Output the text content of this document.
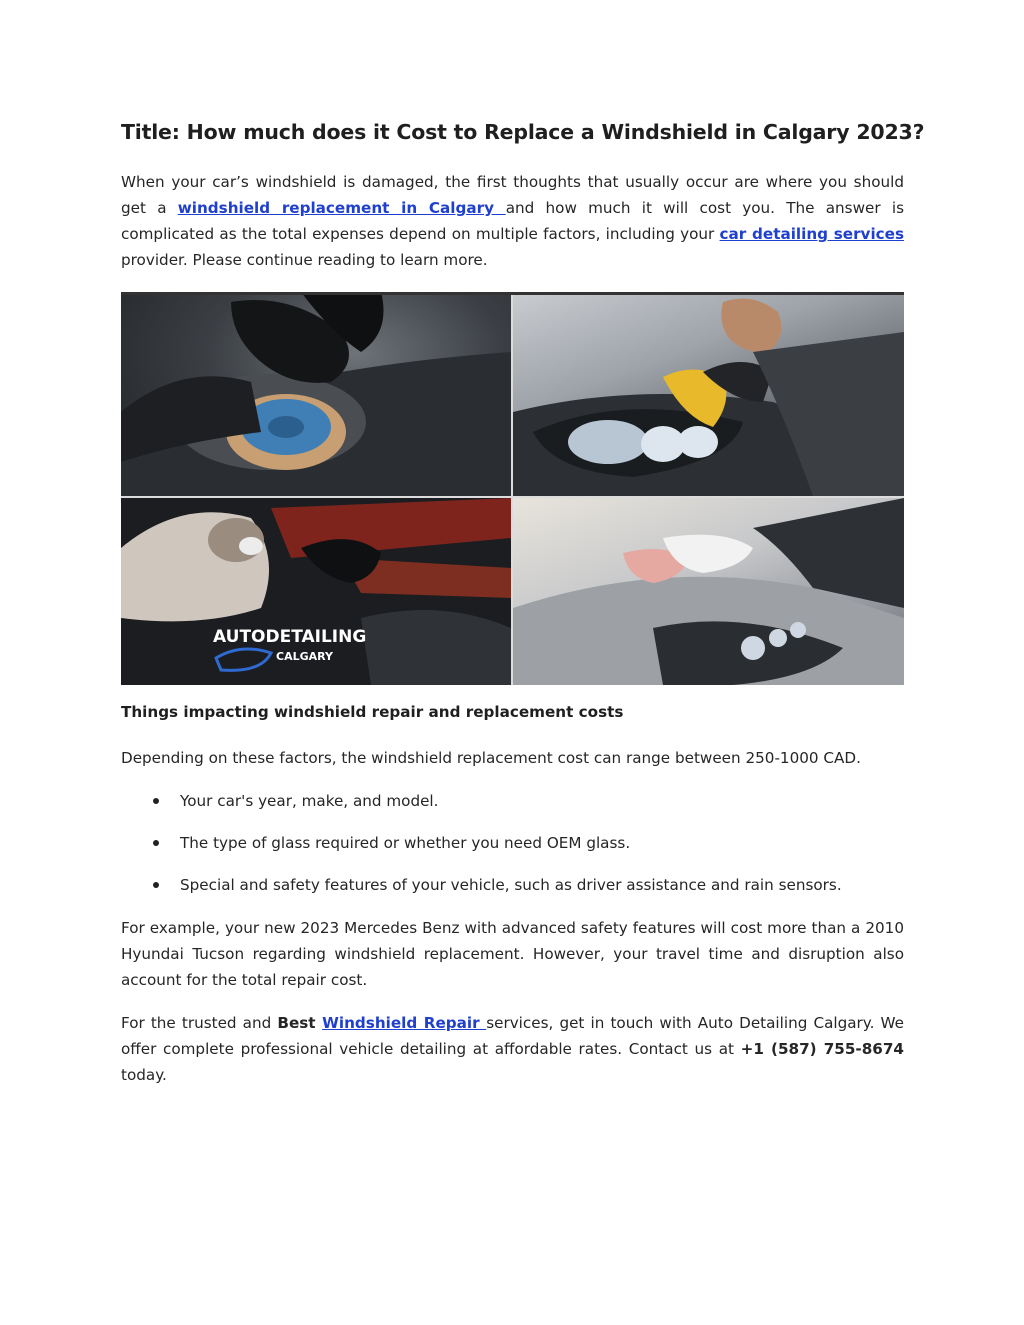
Title: How much does it Cost to Replace a Windshield in Calgary 2023?

When your car’s windshield is damaged, the first thoughts that usually occur are where you should get a windshield replacement in Calgary and how much it will cost you. The answer is complicated as the total expenses depend on multiple factors, including your car detailing services provider. Please continue reading to learn more.

AUTODETAILING
CALGARY

Things impacting windshield repair and replacement costs

Depending on these factors, the windshield replacement cost can range between 250-1000 CAD.

Your car's year, make, and model.
The type of glass required or whether you need OEM glass.
Special and safety features of your vehicle, such as driver assistance and rain sensors.

For example, your new 2023 Mercedes Benz with advanced safety features will cost more than a 2010 Hyundai Tucson regarding windshield replacement. However, your travel time and disruption also account for the total repair cost.

For the trusted and Best Windshield Repair services, get in touch with Auto Detailing Calgary. We offer complete professional vehicle detailing at affordable rates. Contact us at +1 (587) 755-8674 today.
